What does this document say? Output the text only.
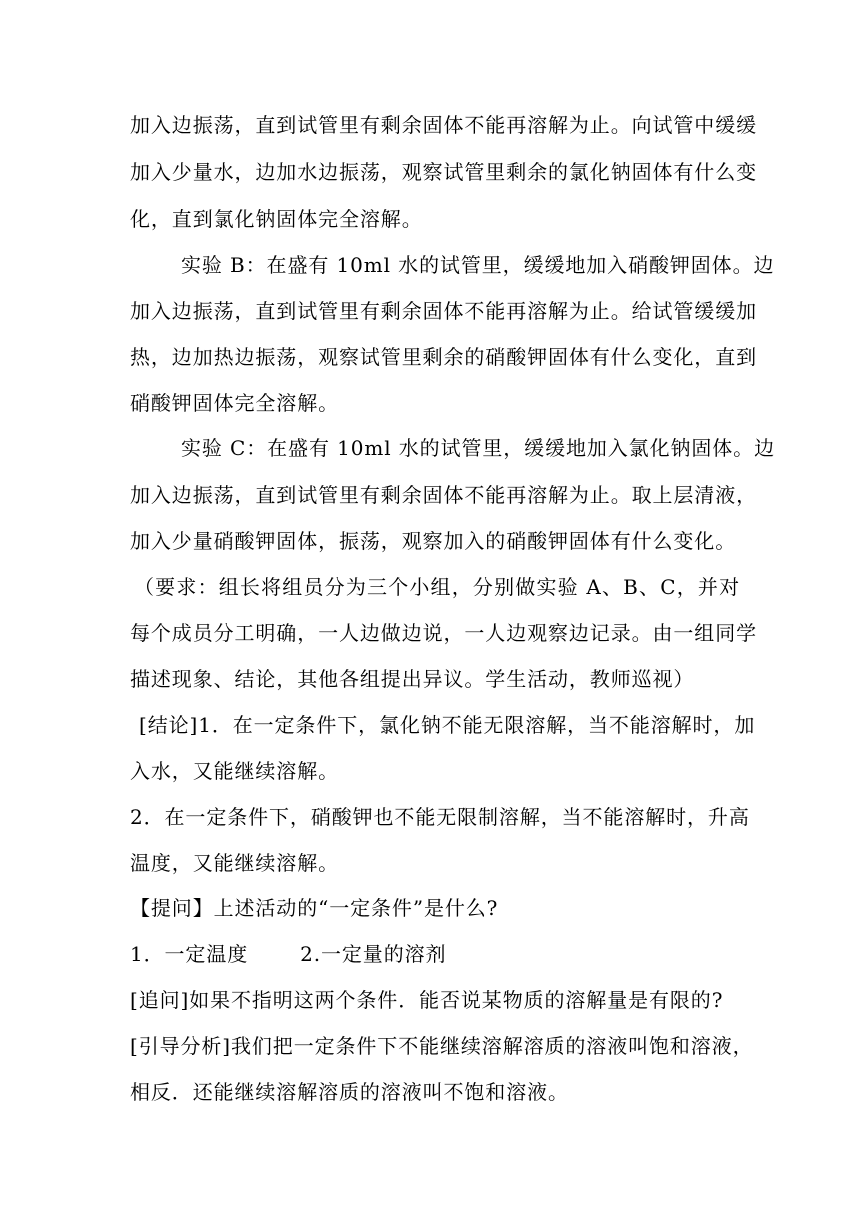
加入边振荡，直到试管里有剩余固体不能再溶解为止。向试管中缓缓
加入少量水，边加水边振荡，观察试管里剩余的氯化钠固体有什么变
化，直到氯化钠固体完全溶解。
实验 B：在盛有 10ml 水的试管里，缓缓地加入硝酸钾固体。边
加入边振荡，直到试管里有剩余固体不能再溶解为止。给试管缓缓加
热，边加热边振荡，观察试管里剩余的硝酸钾固体有什么变化，直到
硝酸钾固体完全溶解。
实验 C：在盛有 10ml 水的试管里，缓缓地加入氯化钠固体。边
加入边振荡，直到试管里有剩余固体不能再溶解为止。取上层清液，
加入少量硝酸钾固体，振荡，观察加入的硝酸钾固体有什么变化。
（要求：组长将组员分为三个小组，分别做实验 A、B、C，并对
每个成员分工明确，一人边做边说，一人边观察边记录。由一组同学
描述现象、结论，其他各组提出异议。学生活动，教师巡视）
[结论]1．在一定条件下，氯化钠不能无限溶解，当不能溶解时，加
入水，又能继续溶解。
2．在一定条件下，硝酸钾也不能无限制溶解，当不能溶解时，升高
温度，又能继续溶解。
【提问】上述活动的“一定条件”是什么?
1．一定温度	2.一定量的溶剂
[追问]如果不指明这两个条件．能否说某物质的溶解量是有限的?
[引导分析]我们把一定条件下不能继续溶解溶质的溶液叫饱和溶液，
相反．还能继续溶解溶质的溶液叫不饱和溶液。
